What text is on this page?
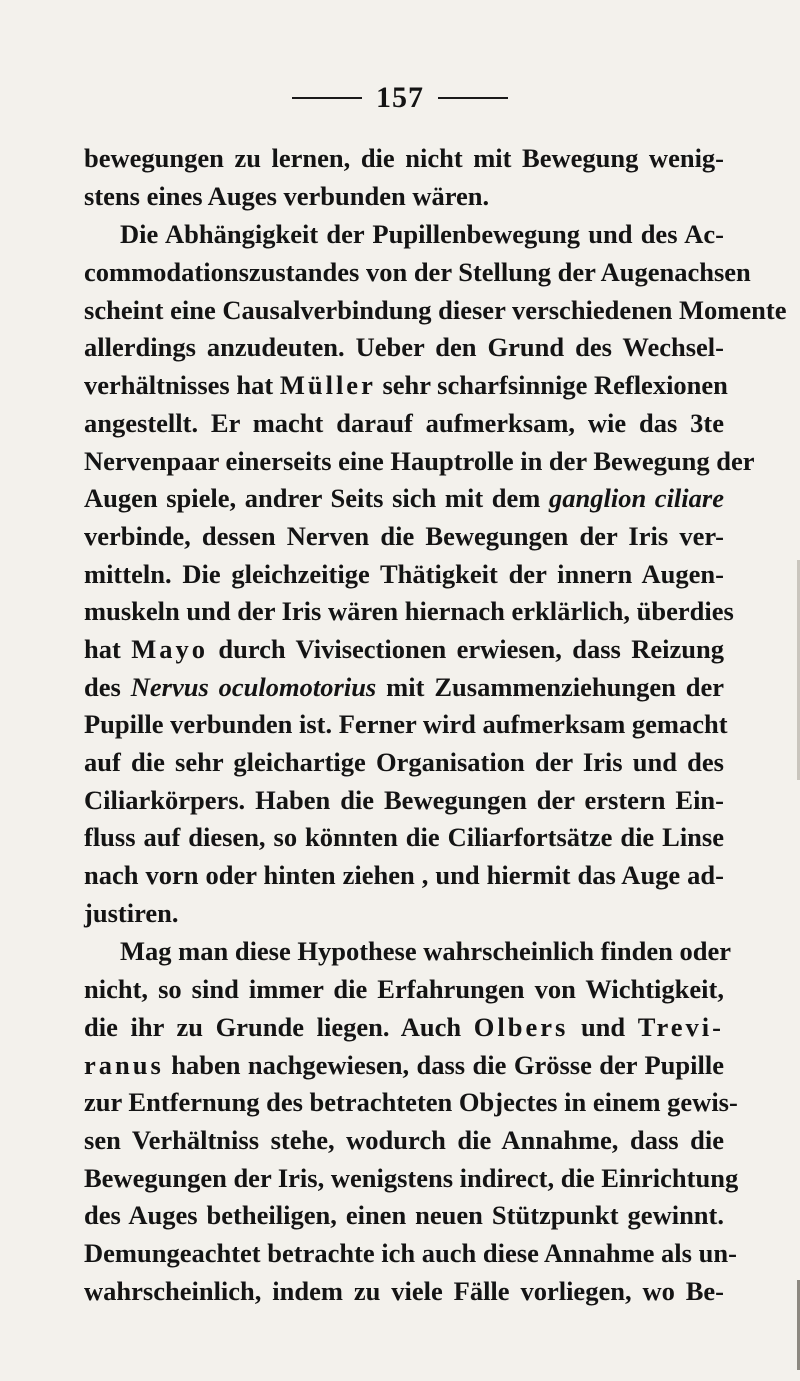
157
bewegungen zu lernen, die nicht mit Bewegung wenig-
stens eines Auges verbunden wären.
Die Abhängigkeit der Pupillenbewegung und des Ac-
commodationszustandes von der Stellung der Augenachsen
scheint eine Causalverbindung dieser verschiedenen Momente
allerdings anzudeuten. Ueber den Grund des Wechsel-
verhältnisses hat Müller sehr scharfsinnige Reflexionen
angestellt. Er macht darauf aufmerksam, wie das 3te
Nervenpaar einerseits eine Hauptrolle in der Bewegung der
Augen spiele, andrer Seits sich mit dem ganglion ciliare
verbinde, dessen Nerven die Bewegungen der Iris ver-
mitteln. Die gleichzeitige Thätigkeit der innern Augen-
muskeln und der Iris wären hiernach erklärlich, überdies
hat Mayo durch Vivisectionen erwiesen, dass Reizung
des Nervus oculomotorius mit Zusammenziehungen der
Pupille verbunden ist. Ferner wird aufmerksam gemacht
auf die sehr gleichartige Organisation der Iris und des
Ciliarkörpers. Haben die Bewegungen der erstern Ein-
fluss auf diesen, so könnten die Ciliarfortsätze die Linse
nach vorn oder hinten ziehen , und hiermit das Auge ad-
justiren.
Mag man diese Hypothese wahrscheinlich finden oder
nicht, so sind immer die Erfahrungen von Wichtigkeit,
die ihr zu Grunde liegen. Auch Olbers und Trevi-
ranus haben nachgewiesen, dass die Grösse der Pupille
zur Entfernung des betrachteten Objectes in einem gewis-
sen Verhältniss stehe, wodurch die Annahme, dass die
Bewegungen der Iris, wenigstens indirect, die Einrichtung
des Auges betheiligen, einen neuen Stützpunkt gewinnt.
Demungeachtet betrachte ich auch diese Annahme als un-
wahrscheinlich, indem zu viele Fälle vorliegen, wo Be-
